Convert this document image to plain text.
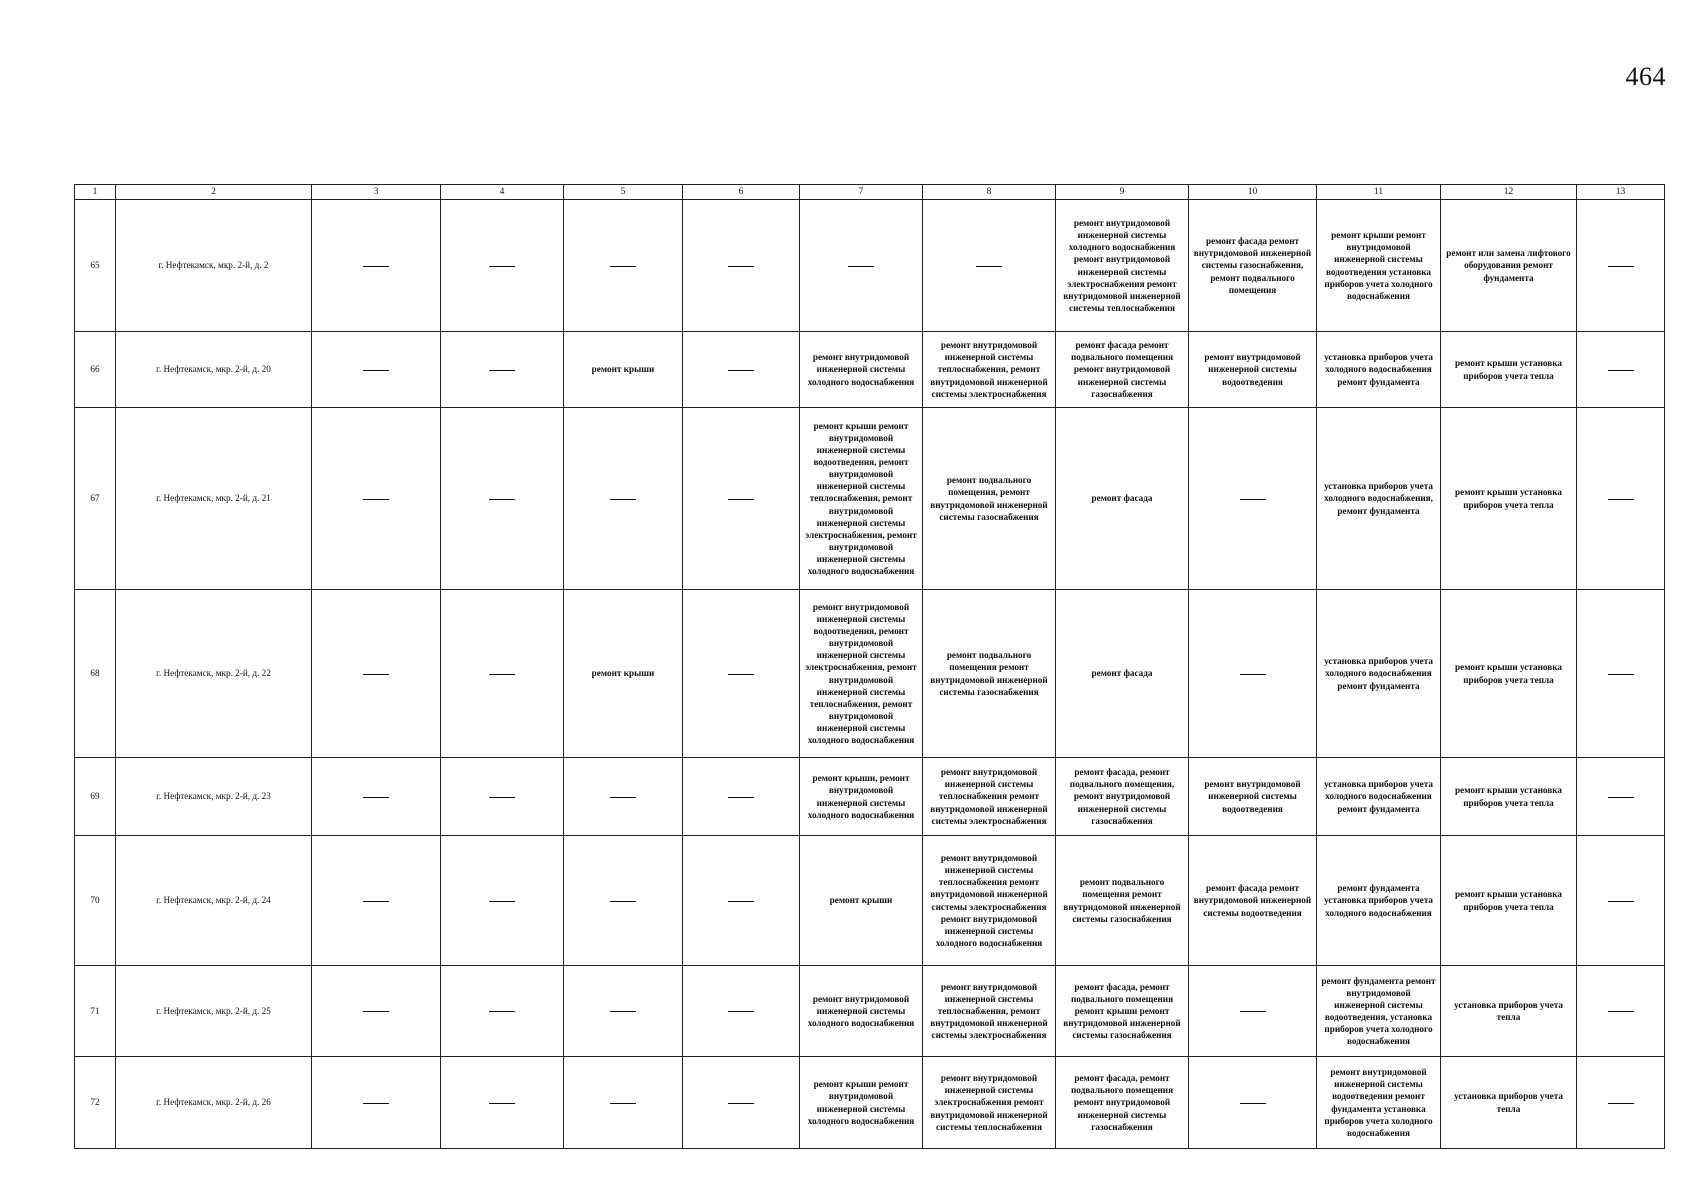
464
1	2	3	4	5	6	7	8	9	10	11	12	13
65	г. Нефтекамск, мкр. 2-й, д. 2							ремонт внутридомовой инженерной системы холодного водоснабжения ремонт внутридомовой инженерной системы электроснабжения ремонт внутридомовой инженерной системы теплоснабжения	ремонт фасада ремонт внутридомовой инженерной системы газоснабжения, ремонт подвального помещения	ремонт крыши ремонт внутридомовой инженерной системы водоотведения установка приборов учета холодного водоснабжения	ремонт или замена лифтового оборудования ремонт фундамента	
66	г. Нефтекамск, мкр. 2-й, д. 20			ремонт крыши		ремонт внутридомовой инженерной системы холодного водоснабжения	ремонт внутридомовой инженерной системы теплоснабжения, ремонт внутридомовой инженерной системы электроснабжения	ремонт фасада ремонт подвального помещения ремонт внутридомовой инженерной системы газоснабжения	ремонт внутридомовой инженерной системы водоотведения	установка приборов учета холодного водоснабжения ремонт фундамента	ремонт крыши установка приборов учета тепла	
67	г. Нефтекамск, мкр. 2-й, д. 21					ремонт крыши ремонт внутридомовой инженерной системы водоотведения, ремонт внутридомовой инженерной системы теплоснабжения, ремонт внутридомовой инженерной системы электроснабжения, ремонт внутридомовой инженерной системы холодного водоснабжения	ремонт подвального помещения, ремонт внутридомовой инженерной системы газоснабжения	ремонт фасада		установка приборов учета холодного водоснабжения, ремонт фундамента	ремонт крыши установка приборов учета тепла	
68	г. Нефтекамск, мкр. 2-й, д. 22			ремонт крыши		ремонт внутридомовой инженерной системы водоотведения, ремонт внутридомовой инженерной системы электроснабжения, ремонт внутридомовой инженерной системы теплоснабжения, ремонт внутридомовой инженерной системы холодного водоснабжения	ремонт подвального помещения ремонт внутридомовой инженерной системы газоснабжения	ремонт фасада		установка приборов учета холодного водоснабжения ремонт фундамента	ремонт крыши установка приборов учета тепла	
69	г. Нефтекамск, мкр. 2-й, д. 23					ремонт крыши, ремонт внутридомовой инженерной системы холодного водоснабжения	ремонт внутридомовой инженерной системы теплоснабжения ремонт внутридомовой инженерной системы электроснабжения	ремонт фасада, ремонт подвального помещения, ремонт внутридомовой инженерной системы газоснабжения	ремонт внутридомовой инженерной системы водоотведения	установка приборов учета холодного водоснабжения ремонт фундамента	ремонт крыши установка приборов учета тепла	
70	г. Нефтекамск, мкр. 2-й, д. 24					ремонт крыши	ремонт внутридомовой инженерной системы теплоснабжения ремонт внутридомовой инженерной системы электроснабжения ремонт внутридомовой инженерной системы холодного водоснабжения	ремонт подвального помещения ремонт внутридомовой инженерной системы газоснабжения	ремонт фасада ремонт внутридомовой инженерной системы водоотведения	ремонт фундамента установка приборов учета холодного водоснабжения	ремонт крыши установка приборов учета тепла	
71	г. Нефтекамск, мкр. 2-й, д. 25					ремонт внутридомовой инженерной системы холодного водоснабжения	ремонт внутридомовой инженерной системы теплоснабжения, ремонт внутридомовой инженерной системы электроснабжения	ремонт фасада, ремонт подвального помещения ремонт крыши ремонт внутридомовой инженерной системы газоснабжения		ремонт фундамента ремонт внутридомовой инженерной системы водоотведения, установка приборов учета холодного водоснабжения	установка приборов учета тепла	
72	г. Нефтекамск, мкр. 2-й, д. 26					ремонт крыши ремонт внутридомовой инженерной системы холодного водоснабжения	ремонт внутридомовой инженерной системы электроснабжения ремонт внутридомовой инженерной системы теплоснабжения	ремонт фасада, ремонт подвального помещения ремонт внутридомовой инженерной системы газоснабжения		ремонт внутридомовой инженерной системы водоотведения ремонт фундамента установка приборов учета холодного водоснабжения	установка приборов учета тепла	
